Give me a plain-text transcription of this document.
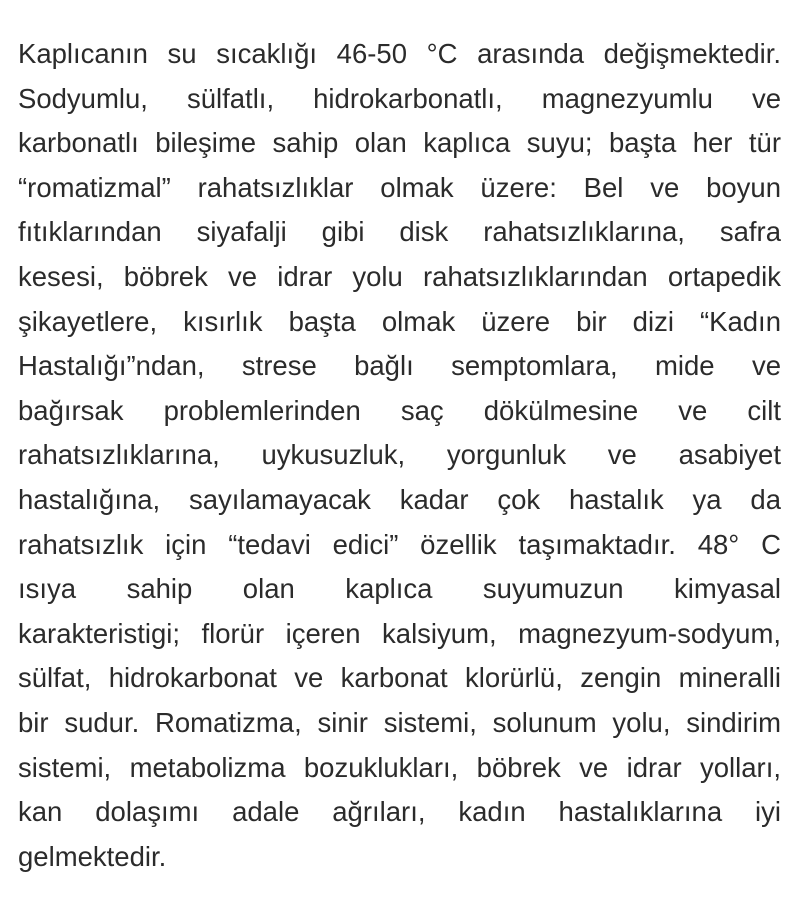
Kaplıcanın su sıcaklığı 46-50 °C arasında değişmektedir.
Sodyumlu, sülfatlı, hidrokarbonatlı, magnezyumlu ve
karbonatlı bileşime sahip olan kaplıca suyu; başta her tür
“romatizmal” rahatsızlıklar olmak üzere: Bel ve boyun
fıtıklarından siyafalji gibi disk rahatsızlıklarına, safra
kesesi, böbrek ve idrar yolu rahatsızlıklarından ortapedik
şikayetlere, kısırlık başta olmak üzere bir dizi “Kadın
Hastalığı”ndan, strese bağlı semptomlara, mide ve
bağırsak problemlerinden saç dökülmesine ve cilt
rahatsızlıklarına, uykusuzluk, yorgunluk ve asabiyet
hastalığına, sayılamayacak kadar çok hastalık ya da
rahatsızlık için “tedavi edici” özellik taşımaktadır. 48° C
ısıya sahip olan kaplıca suyumuzun kimyasal
karakteristigi; florür içeren kalsiyum, magnezyum-sodyum,
sülfat, hidrokarbonat ve karbonat klorürlü, zengin mineralli
bir sudur. Romatizma, sinir sistemi, solunum yolu, sindirim
sistemi, metabolizma bozuklukları, böbrek ve idrar yolları,
kan dolaşımı adale ağrıları, kadın hastalıklarına iyi
gelmektedir.
